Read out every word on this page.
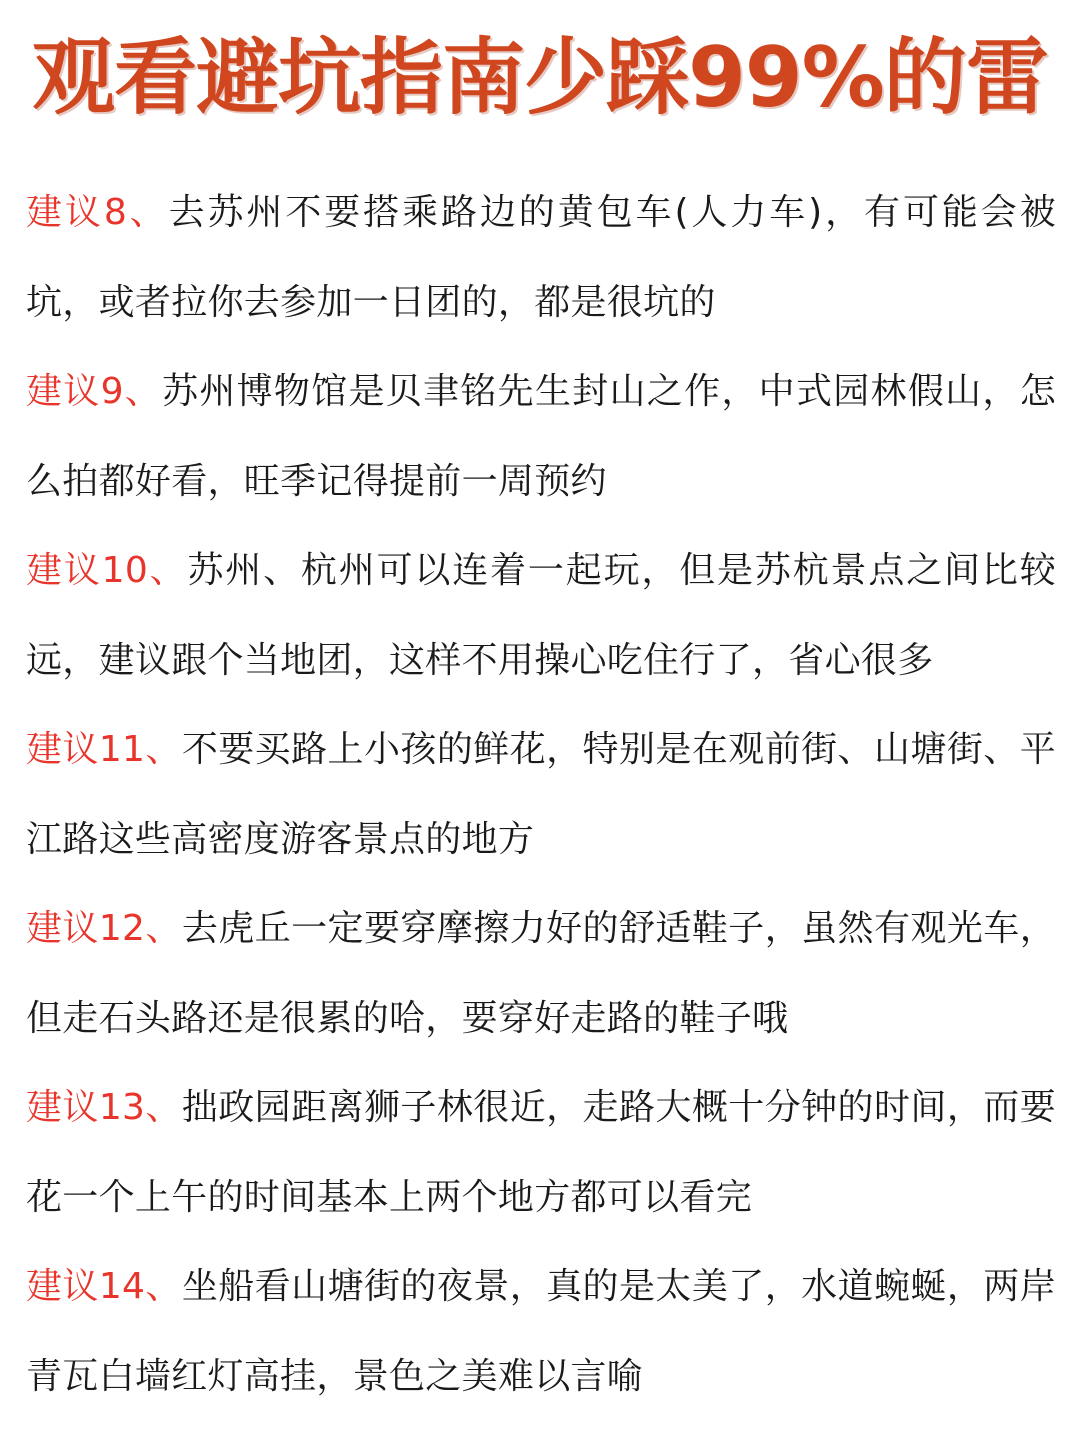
观看避坑指南少踩99%的雷

建议8、去苏州不要搭乘路边的黄包车(人力车)，有可能会被坑，或者拉你去参加一日团的，都是很坑的

建议9、苏州博物馆是贝聿铭先生封山之作，中式园林假山，怎么拍都好看，旺季记得提前一周预约

建议10、苏州、杭州可以连着一起玩，但是苏杭景点之间比较远，建议跟个当地团，这样不用操心吃住行了，省心很多

建议11、不要买路上小孩的鲜花，特别是在观前街、山塘街、平江路这些高密度游客景点的地方

建议12、去虎丘一定要穿摩擦力好的舒适鞋子，虽然有观光车，但走石头路还是很累的哈，要穿好走路的鞋子哦

建议13、拙政园距离狮子林很近，走路大概十分钟的时间，而要花一个上午的时间基本上两个地方都可以看完

建议14、坐船看山塘街的夜景，真的是太美了，水道蜿蜒，两岸青瓦白墙红灯高挂，景色之美难以言喻
